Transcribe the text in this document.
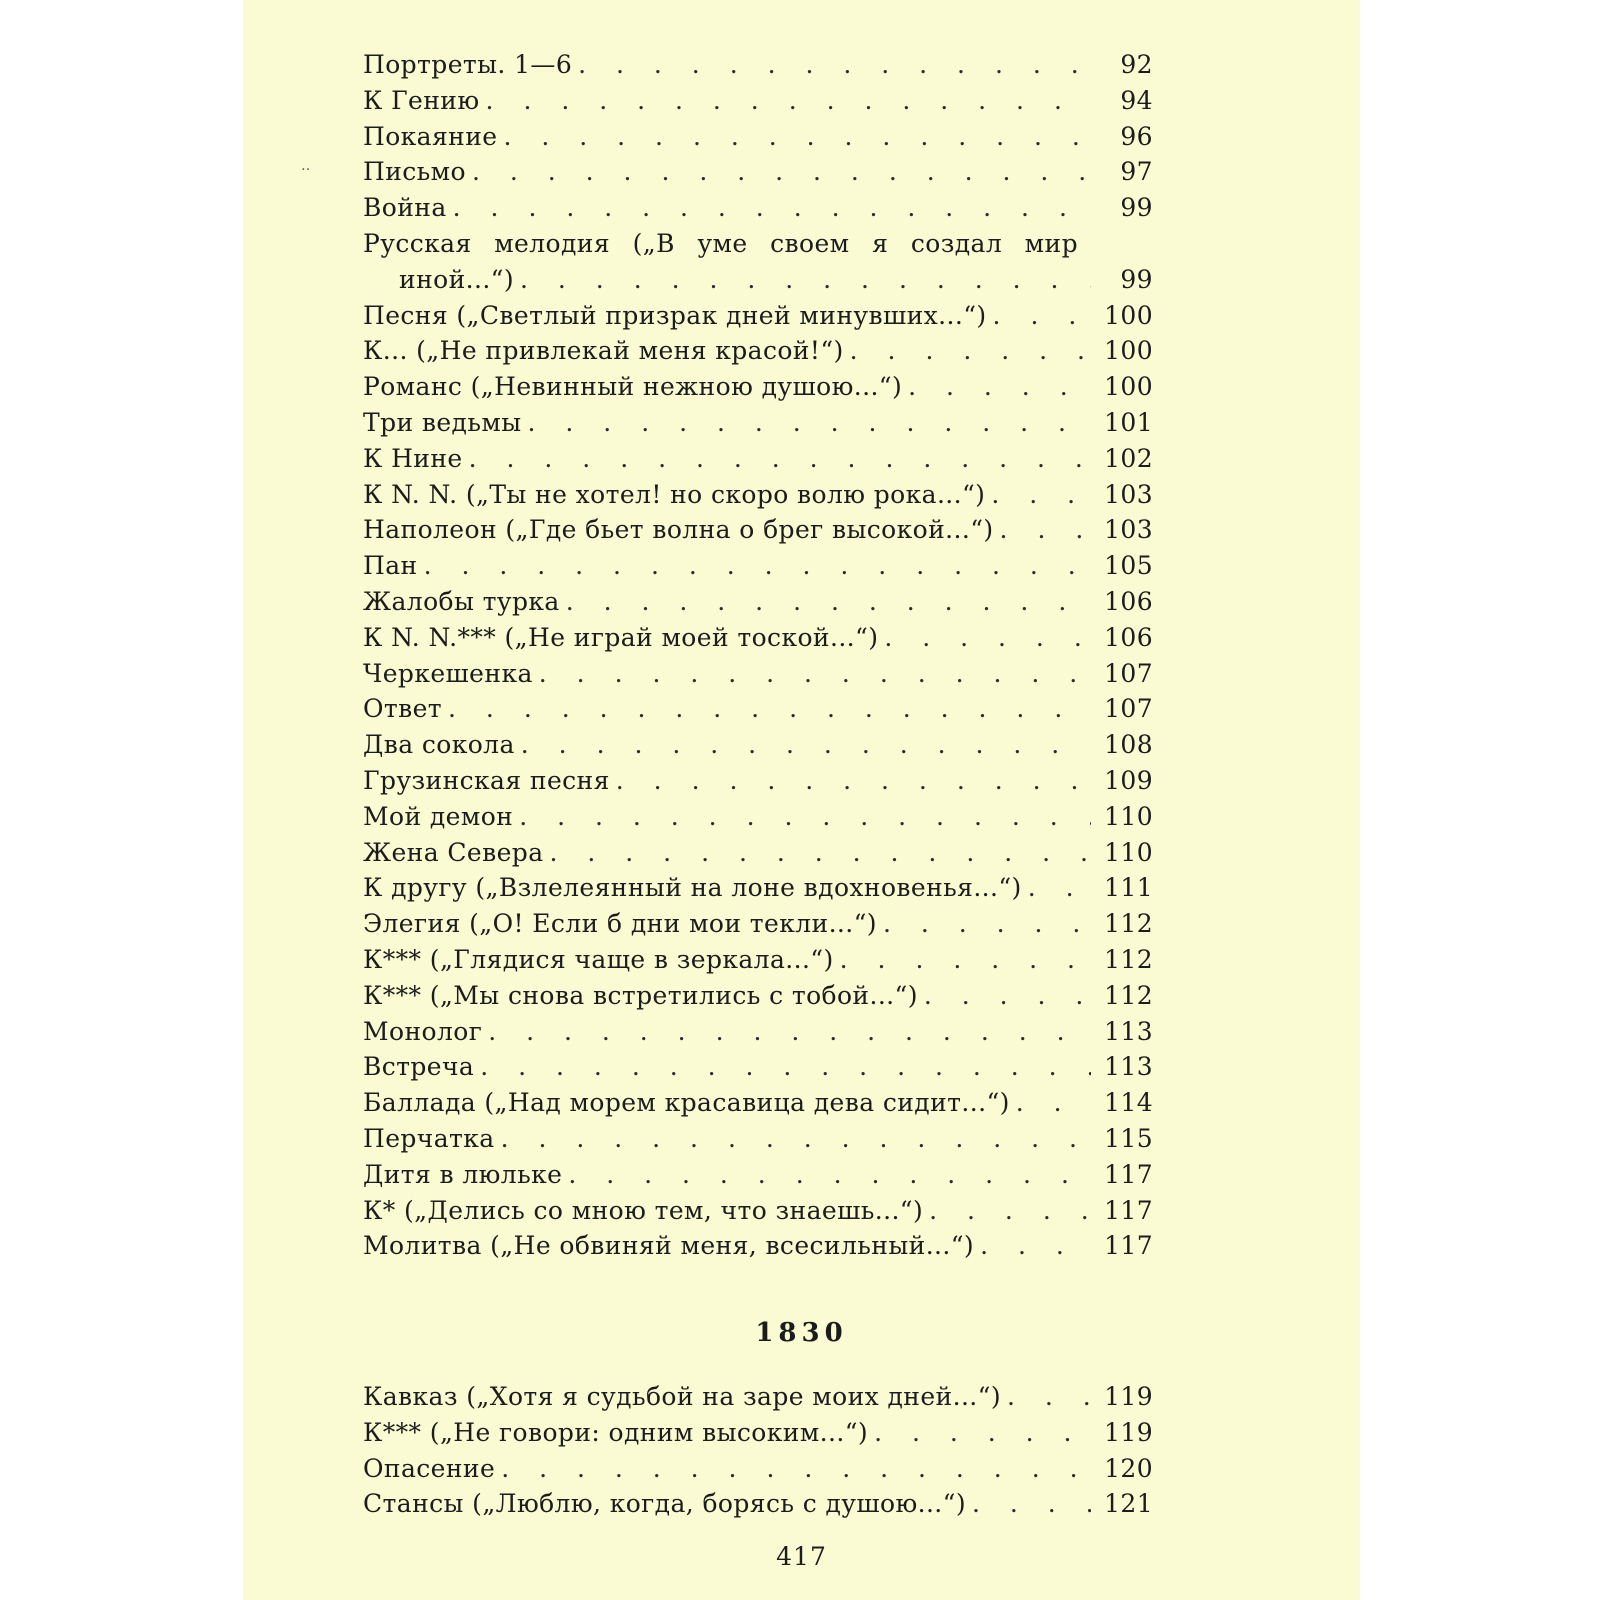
‥
Портреты. 1—6 . . .	92
К Гению . . .	94
Покаяние . . .	96
Письмо . . .	97
Война . . .	99
Русская мелодия („В уме своем я создал мир
иной...“) . . .	99
Песня („Светлый призрак дней минувших...“) . . .	100
К... („Не привлекай меня красой!“) . . .	100
Романс („Невинный нежною душою...“) . . .	100
Три ведьмы . . .	101
К Нине . . .	102
К N. N. („Ты не хотел! но скоро волю рока...“) . . .	103
Наполеон („Где бьет волна о брег высокой...“) . . .	103
Пан . . .	105
Жалобы турка . . .	106
К N. N.*** („Не играй моей тоской...“) . . .	106
Черкешенка . . .	107
Ответ . . .	107
Два сокола . . .	108
Грузинская песня . . .	109
Мой демон . . .	110
Жена Севера . . .	110
К другу („Взлелеянный на лоне вдохновенья...“) . . .	111
Элегия („О! Если б дни мои текли...“) . . .	112
К*** („Глядися чаще в зеркала...“) . . .	112
К*** („Мы снова встретились с тобой...“) . . .	112
Монолог . . .	113
Встреча . . .	113
Баллада („Над морем красавица дева сидит...“) . . .	114
Перчатка . . .	115
Дитя в люльке . . .	117
К* („Делись со мною тем, что знаешь...“) . . .	117
Молитва („Не обвиняй меня, всесильный...“) . . .	117
1830
Кавказ („Хотя я судьбой на заре моих дней...“) . . .	119
К*** („Не говори: одним высоким...“) . . .	119
Опасение . . .	120
Стансы („Люблю, когда, борясь с душою...“) . . .	121
417
